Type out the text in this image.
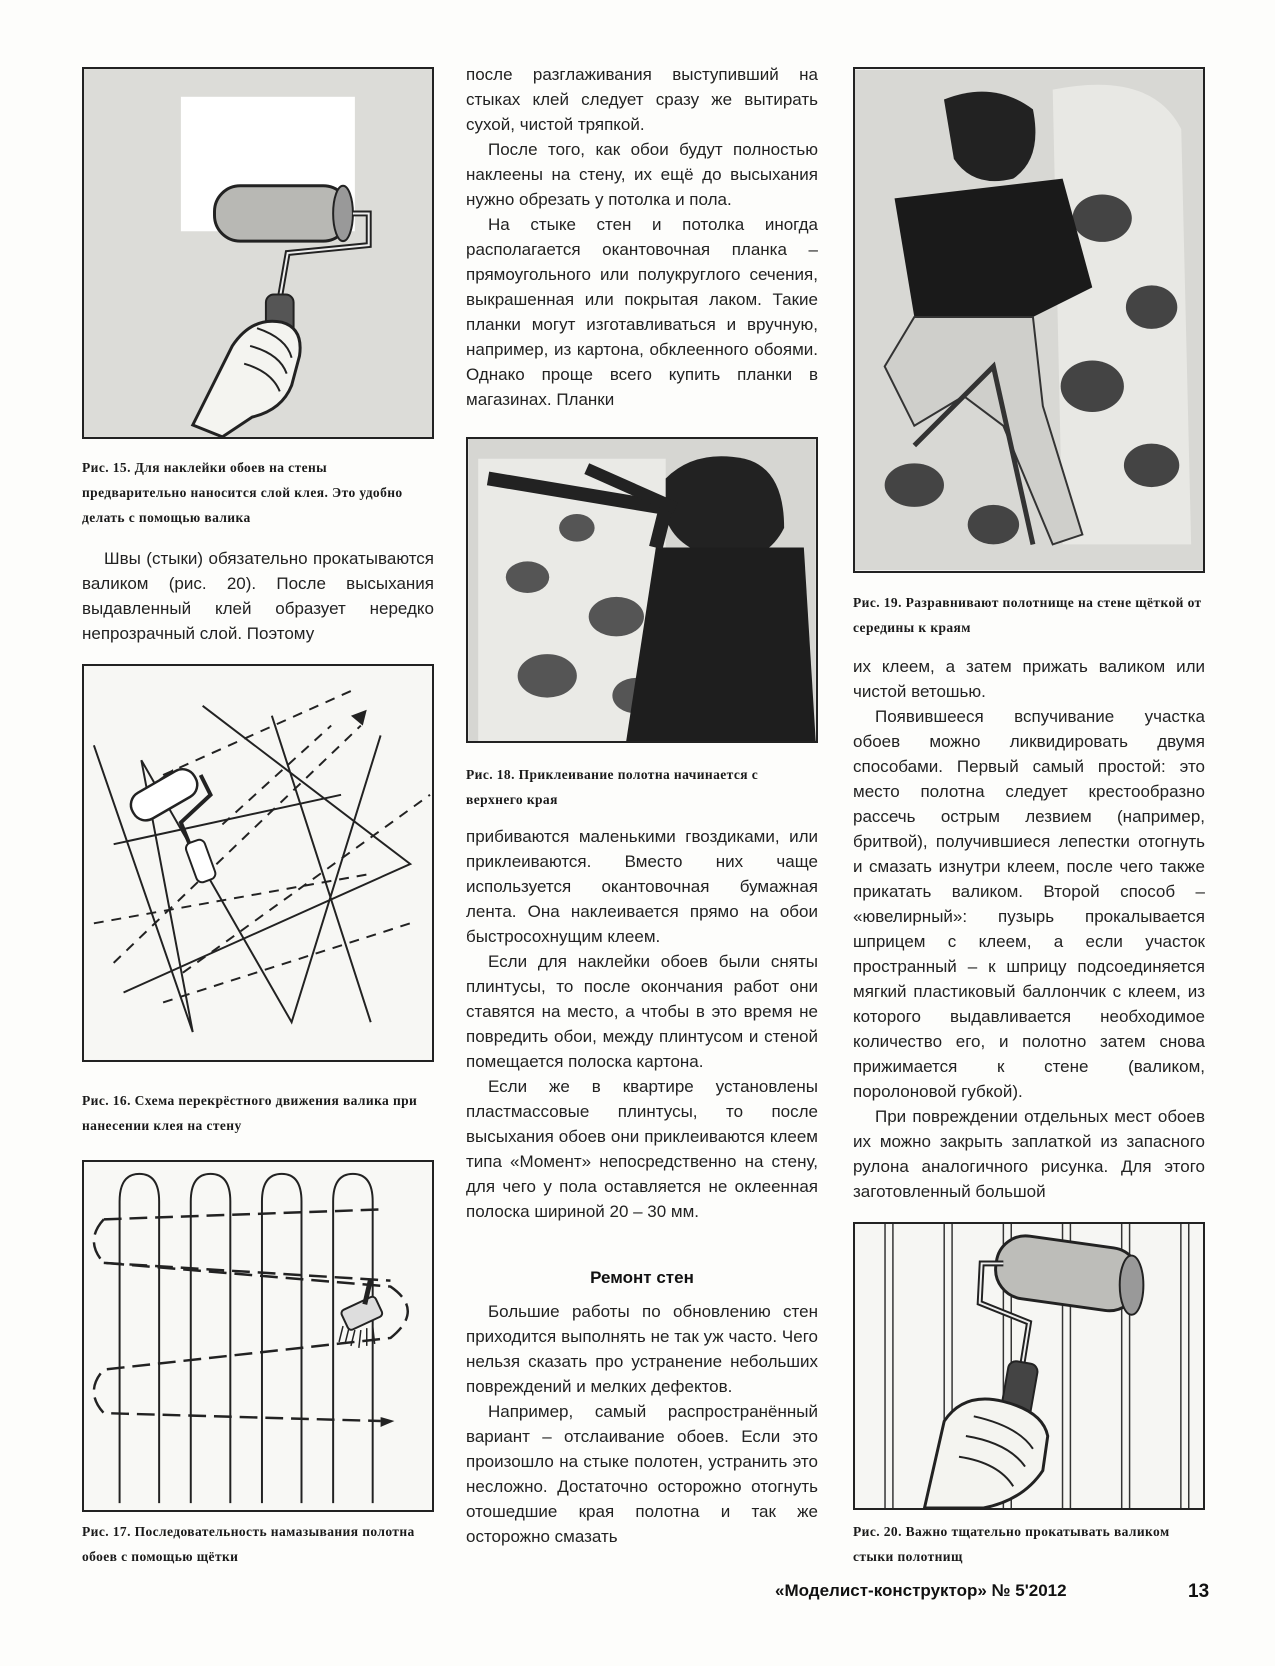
Рис. 15. Для наклейки обоев на стены предварительно наносится слой клея. Это удобно делать с помощью валика

Швы (стыки) обязательно прокатываются валиком (рис. 20). После высыхания выдавленный клей образует нередко непрозрачный слой. Поэтому

Рис. 16. Схема перекрёстного движения валика при нанесении клея на стену
Рис. 17. Последовательность намазывания полотна обоев с помощью щётки

после разглаживания выступивший на стыках клей следует сразу же вытирать сухой, чистой тряпкой.

После того, как обои будут полностью наклеены на стену, их ещё до высыхания нужно обрезать у потолка и пола.

На стыке стен и потолка иногда располагается окантовочная планка – прямоугольного или полукруглого сечения, выкрашенная или покрытая лаком. Такие планки могут изготавливаться и вручную, например, из картона, обклеенного обоями. Однако проще всего купить планки в магазинах. Планки

Рис. 18. Приклеивание полотна начинается с верхнего края

прибиваются маленькими гвоздиками, или приклеиваются. Вместо них чаще используется окантовочная бумажная лента. Она наклеивается прямо на обои быстросохнущим клеем.

Если для наклейки обоев были сняты плинтусы, то после окончания работ они ставятся на место, а чтобы в это время не повредить обои, между плинтусом и стеной помещается полоска картона.

Если же в квартире установлены пластмассовые плинтусы, то после высыхания обоев они приклеиваются клеем типа «Момент» непосредственно на стену, для чего у пола оставляется не оклеенная полоска шириной 20 – 30 мм.

Ремонт стен

Большие работы по обновлению стен приходится выполнять не так уж часто. Чего нельзя сказать про устранение небольших повреждений и мелких дефектов.

Например, самый распространённый вариант – отслаивание обоев. Если это произошло на стыке полотен, устранить это несложно. Достаточно осторожно отогнуть отошедшие края полотна и так же осторожно смазать

Рис. 19. Разравнивают полотнище на стене щёткой от середины к краям

их клеем, а затем прижать валиком или чистой ветошью.

Появившееся вспучивание участка обоев можно ликвидировать двумя способами. Первый самый простой: это место полотна следует крестообразно рассечь острым лезвием (например, бритвой), получившиеся лепестки отогнуть и смазать изнутри клеем, после чего также прикатать валиком. Второй способ – «ювелирный»: пузырь прокалывается шприцем с клеем, а если участок пространный – к шприцу подсоединяется мягкий пластиковый баллончик с клеем, из которого выдавливается необходимое количество его, и полотно затем снова прижимается к стене (валиком, поролоновой губкой).

При повреждении отдельных мест обоев их можно закрыть заплаткой из запасного рулона аналогичного рисунка. Для этого заготовленный большой

Рис. 20. Важно тщательно прокатывать валиком стыки полотнищ
«Моделист-конструктор» № 5'2012	13
